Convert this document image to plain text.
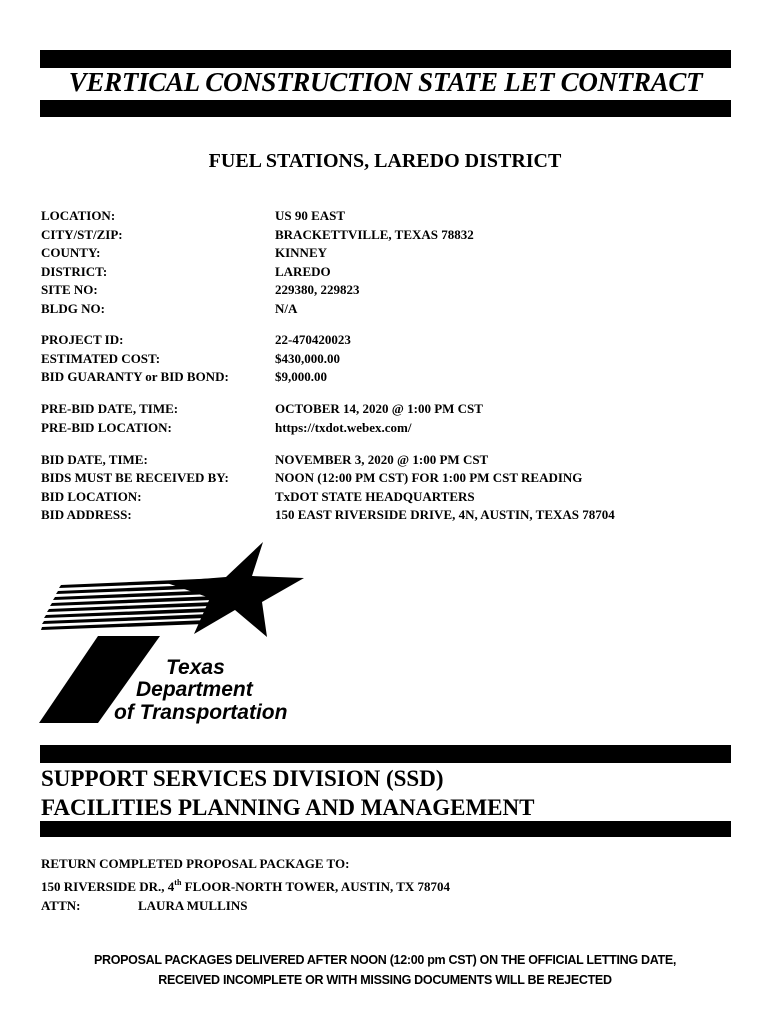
VERTICAL CONSTRUCTION STATE LET CONTRACT
FUEL STATIONS, LAREDO DISTRICT
LOCATION:	US 90 EAST
CITY/ST/ZIP:	BRACKETTVILLE, TEXAS 78832
COUNTY:	KINNEY
DISTRICT:	LAREDO
SITE NO:	229380, 229823
BLDG NO:	N/A
PROJECT ID:	22-470420023
ESTIMATED COST:	$430,000.00
BID GUARANTY or BID BOND:	$9,000.00
PRE-BID DATE, TIME:	OCTOBER 14, 2020 @ 1:00 PM CST
PRE-BID LOCATION:	https://txdot.webex.com/
BID DATE, TIME:	NOVEMBER 3, 2020 @ 1:00 PM CST
BIDS MUST BE RECEIVED BY:	NOON (12:00 PM CST) FOR 1:00 PM CST READING
BID LOCATION:	TxDOT STATE HEADQUARTERS
BID ADDRESS:	150 EAST RIVERSIDE DRIVE, 4N, AUSTIN, TEXAS 78704
Texas
Department
of Transportation
SUPPORT SERVICES DIVISION (SSD)
FACILITIES PLANNING AND MANAGEMENT
RETURN COMPLETED PROPOSAL PACKAGE TO:
150 RIVERSIDE DR., 4th FLOOR-NORTH TOWER, AUSTIN, TX 78704
ATTN:	LAURA MULLINS
PROPOSAL PACKAGES DELIVERED AFTER NOON (12:00 pm CST) ON THE OFFICIAL LETTING DATE,
RECEIVED INCOMPLETE OR WITH MISSING DOCUMENTS WILL BE REJECTED
